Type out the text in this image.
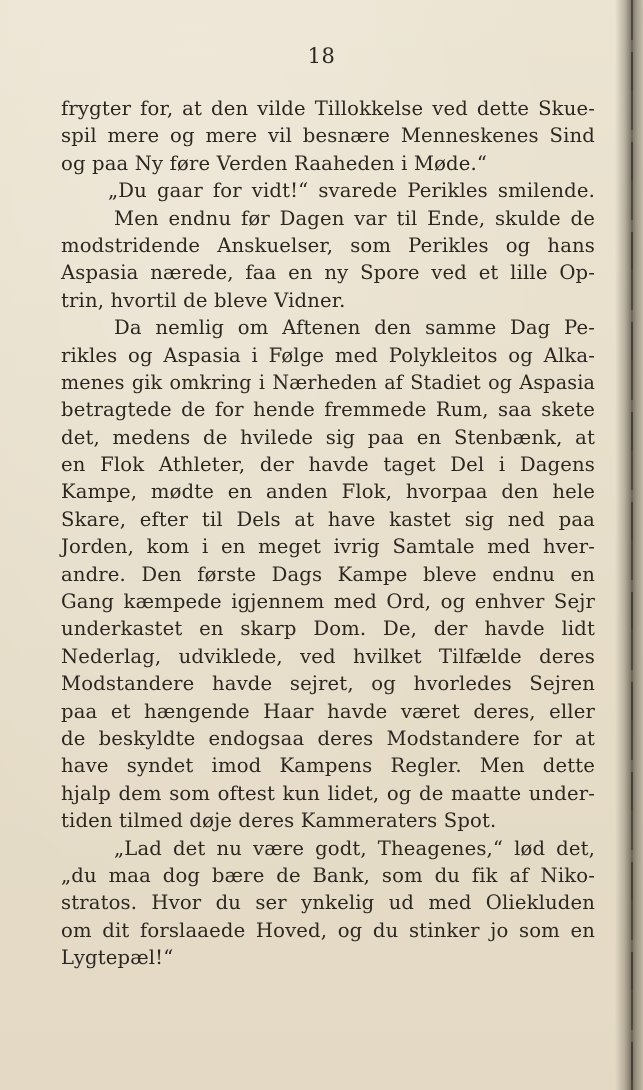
18
frygter for, at den vilde Tillokkelse ved dette Skue-
spil mere og mere vil besnære Menneskenes Sind
og paa Ny føre Verden Raaheden i Møde.“
„Du gaar for vidt!“ svarede Perikles smilende.
Men endnu før Dagen var til Ende, skulde de
modstridende Anskuelser, som Perikles og hans
Aspasia nærede, faa en ny Spore ved et lille Op-
trin, hvortil de bleve Vidner.
Da nemlig om Aftenen den samme Dag Pe-
rikles og Aspasia i Følge med Polykleitos og Alka-
menes gik omkring i Nærheden af Stadiet og Aspasia
betragtede de for hende fremmede Rum, saa skete
det, medens de hvilede sig paa en Stenbænk, at
en Flok Athleter, der havde taget Del i Dagens
Kampe, mødte en anden Flok, hvorpaa den hele
Skare, efter til Dels at have kastet sig ned paa
Jorden, kom i en meget ivrig Samtale med hver-
andre. Den første Dags Kampe bleve endnu en
Gang kæmpede igjennem med Ord, og enhver Sejr
underkastet en skarp Dom. De, der havde lidt
Nederlag, udviklede, ved hvilket Tilfælde deres
Modstandere havde sejret, og hvorledes Sejren
paa et hængende Haar havde været deres, eller
de beskyldte endogsaa deres Modstandere for at
have syndet imod Kampens Regler. Men dette
hjalp dem som oftest kun lidet, og de maatte under-
tiden tilmed døje deres Kammeraters Spot.
„Lad det nu være godt, Theagenes,“ lød det,
„du maa dog bære de Bank, som du fik af Niko-
stratos. Hvor du ser ynkelig ud med Oliekluden
om dit forslaaede Hoved, og du stinker jo som en
Lygtepæl!“
